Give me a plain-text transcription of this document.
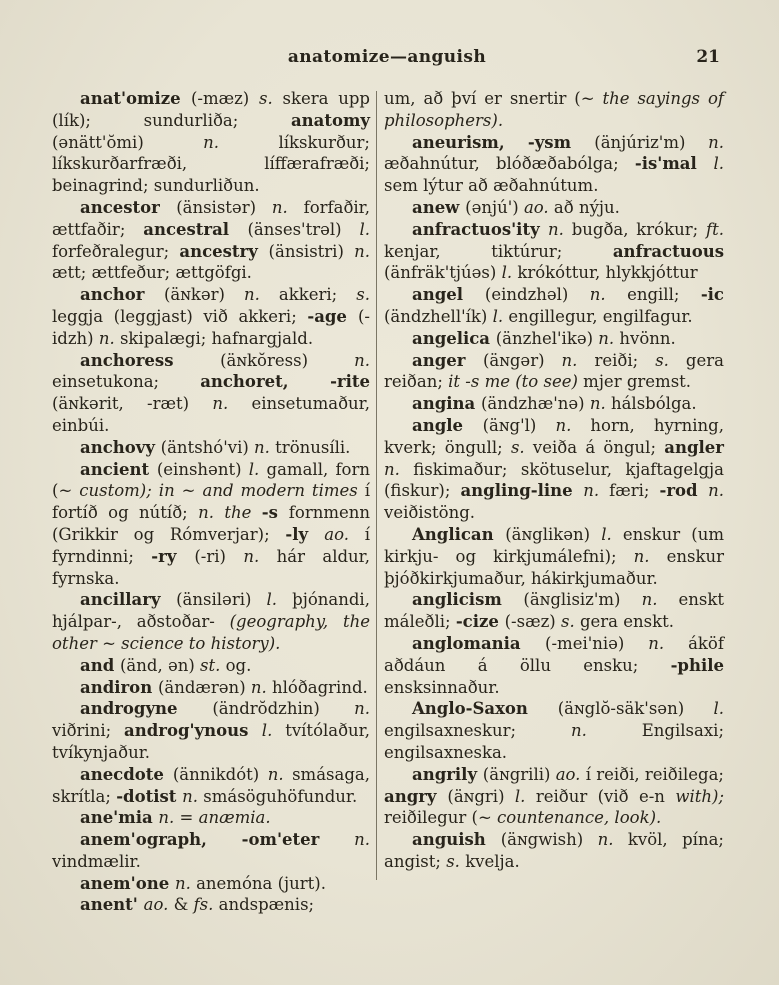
anatomize—anguish	21

anat'omize (-mæz) s. skera upp (lík); sundurliða; anatomy (ənätt'ŏmi) n. líkskurður; líkskurðarfræði, líffærafræði; beinagrind; sundurliðun.

ancestor (änsistər) n. forfaðir, ættfaðir; ancestral (änses'trəl) l. forfeðralegur; ancestry (änsistri) n. ætt; ættfeður; ættgöfgi.

anchor (äɴkər) n. akkeri; s. leggja (leggjast) við akkeri; -age (-idzh) n. skipalægi; hafnargjald.

anchoress (äɴkŏress) n. einsetukona; anchoret, -rite (äɴkərit, -ræt) n. einsetumaður, einbúi.

anchovy (äntshó'vi) n. trönusíli.

ancient (einshənt) l. gamall, forn (~ custom); in ~ and modern times í fortíð og nútíð; n. the -s fornmenn (Grikkir og Rómverjar); -ly ao. í fyrndinni; -ry (-ri) n. hár aldur, fyrnska.

ancillary (änsiləri) l. þjónandi, hjálpar-, aðstoðar- (geography, the other ~ science to history).

and (änd, ən) st. og.

andiron (ändærən) n. hlóðagrind.

androgyne (ändrŏdzhin) n. viðrini; androg'ynous l. tvítólaður, tvíkynjaður.

anecdote (ännikdót) n. smásaga, skrítla; -dotist n. smásöguhöfundur.

ane'mia n. = anæmia.

anem'ograph, -om'eter n. vindmælir.

anem'one n. anemóna (jurt).

anent' ao. & fs. andspænis;

um, að því er snertir (~ the sayings of philosophers).

aneurism, -ysm (änjúriz'm) n. æðahnútur, blóðæðabólga; -is'mal l. sem lýtur að æðahnútum.

anew (ənjú') ao. að nýju.

anfractuos'ity n. bugða, krókur; ft. kenjar, tiktúrur; anfractuous (änfräk'tjúəs) l. krókóttur, hlykkjóttur

angel (eindzhəl) n. engill; -ic (ändzhell'ík) l. engillegur, engilfagur.

angelica (änzhel'ikə) n. hvönn.

anger (äɴgər) n. reiði; s. gera reiðan; it -s me (to see) mjer gremst.

angina (ändzhæ'nə) n. hálsbólga.

angle (äɴg'l) n. horn, hyrning, kverk; öngull; s. veiða á öngul; angler n. fiskimaður; skötuselur, kjaftagelgja (fiskur); angling-line n. færi; -rod n. veiðistöng.

Anglican (äɴglikən) l. enskur (um kirkju- og kirkjumálefni); n. enskur þjóðkirkjumaður, hákirkjumaður.

anglicism (äɴglisiz'm) n. enskt máleðli; -cize (-sæz) s. gera enskt.

anglomania (-mei'niə) n. áköf aðdáun á öllu ensku; -phile ensksinnaður.

Anglo-Saxon (äɴglŏ-säk'sən) l. engilsaxneskur; n. Engilsaxi; engilsaxneska.

angrily (äɴgrili) ao. í reiði, reiðilega; angry (äɴgri) l. reiður (við e-n with); reiðilegur (~ countenance, look).

anguish (äɴgwish) n. kvöl, pína; angist; s. kvelja.
